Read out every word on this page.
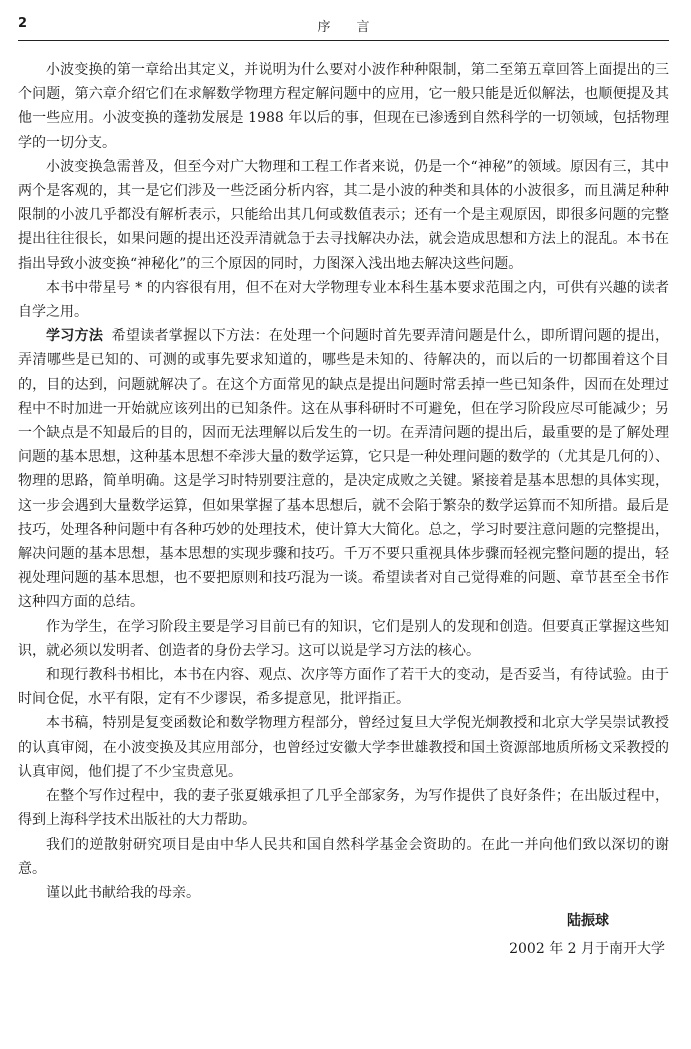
2	序言

小波变换的第一章给出其定义，并说明为什么要对小波作种种限制，第二至第五章回答上面提出的三个问题，第六章介绍它们在求解数学物理方程定解问题中的应用，它一般只能是近似解法，也顺便提及其他一些应用。小波变换的蓬勃发展是 1988 年以后的事，但现在已渗透到自然科学的一切领域，包括物理学的一切分支。

小波变换急需普及，但至今对广大物理和工程工作者来说，仍是一个“神秘”的领域。原因有三，其中两个是客观的，其一是它们涉及一些泛函分析内容，其二是小波的种类和具体的小波很多，而且满足种种限制的小波几乎都没有解析表示，只能给出其几何或数值表示；还有一个是主观原因，即很多问题的完整提出往往很长，如果问题的提出还没弄清就急于去寻找解决办法，就会造成思想和方法上的混乱。本书在指出导致小波变换“神秘化”的三个原因的同时，力图深入浅出地去解决这些问题。

本书中带星号 * 的内容很有用，但不在对大学物理专业本科生基本要求范围之内，可供有兴趣的读者自学之用。

学习方法 希望读者掌握以下方法：在处理一个问题时首先要弄清问题是什么，即所谓问题的提出，弄清哪些是已知的、可测的或事先要求知道的，哪些是未知的、待解决的，而以后的一切都围着这个目的，目的达到，问题就解决了。在这个方面常见的缺点是提出问题时常丢掉一些已知条件，因而在处理过程中不时加进一开始就应该列出的已知条件。这在从事科研时不可避免，但在学习阶段应尽可能减少；另一个缺点是不知最后的目的，因而无法理解以后发生的一切。在弄清问题的提出后，最重要的是了解处理问题的基本思想，这种基本思想不牵涉大量的数学运算，它只是一种处理问题的数学的（尤其是几何的）、物理的思路，简单明确。这是学习时特别要注意的，是决定成败之关键。紧接着是基本思想的具体实现，这一步会遇到大量数学运算，但如果掌握了基本思想后，就不会陷于繁杂的数学运算而不知所措。最后是技巧，处理各种问题中有各种巧妙的处理技术，使计算大大简化。总之，学习时要注意问题的完整提出，解决问题的基本思想，基本思想的实现步骤和技巧。千万不要只重视具体步骤而轻视完整问题的提出，轻视处理问题的基本思想，也不要把原则和技巧混为一谈。希望读者对自己觉得难的问题、章节甚至全书作这种四方面的总结。

作为学生，在学习阶段主要是学习目前已有的知识，它们是别人的发现和创造。但要真正掌握这些知识，就必须以发明者、创造者的身份去学习。这可以说是学习方法的核心。

和现行教科书相比，本书在内容、观点、次序等方面作了若干大的变动，是否妥当，有待试验。由于时间仓促，水平有限，定有不少谬误，希多提意见，批评指正。

本书稿，特别是复变函数论和数学物理方程部分，曾经过复旦大学倪光炯教授和北京大学吴崇试教授的认真审阅，在小波变换及其应用部分，也曾经过安徽大学李世雄教授和国土资源部地质所杨文采教授的认真审阅，他们提了不少宝贵意见。

在整个写作过程中，我的妻子张夏娥承担了几乎全部家务，为写作提供了良好条件；在出版过程中，得到上海科学技术出版社的大力帮助。

我们的逆散射研究项目是由中华人民共和国自然科学基金会资助的。在此一并向他们致以深切的谢意。

谨以此书献给我的母亲。

陆振球
2002 年 2 月于南开大学
